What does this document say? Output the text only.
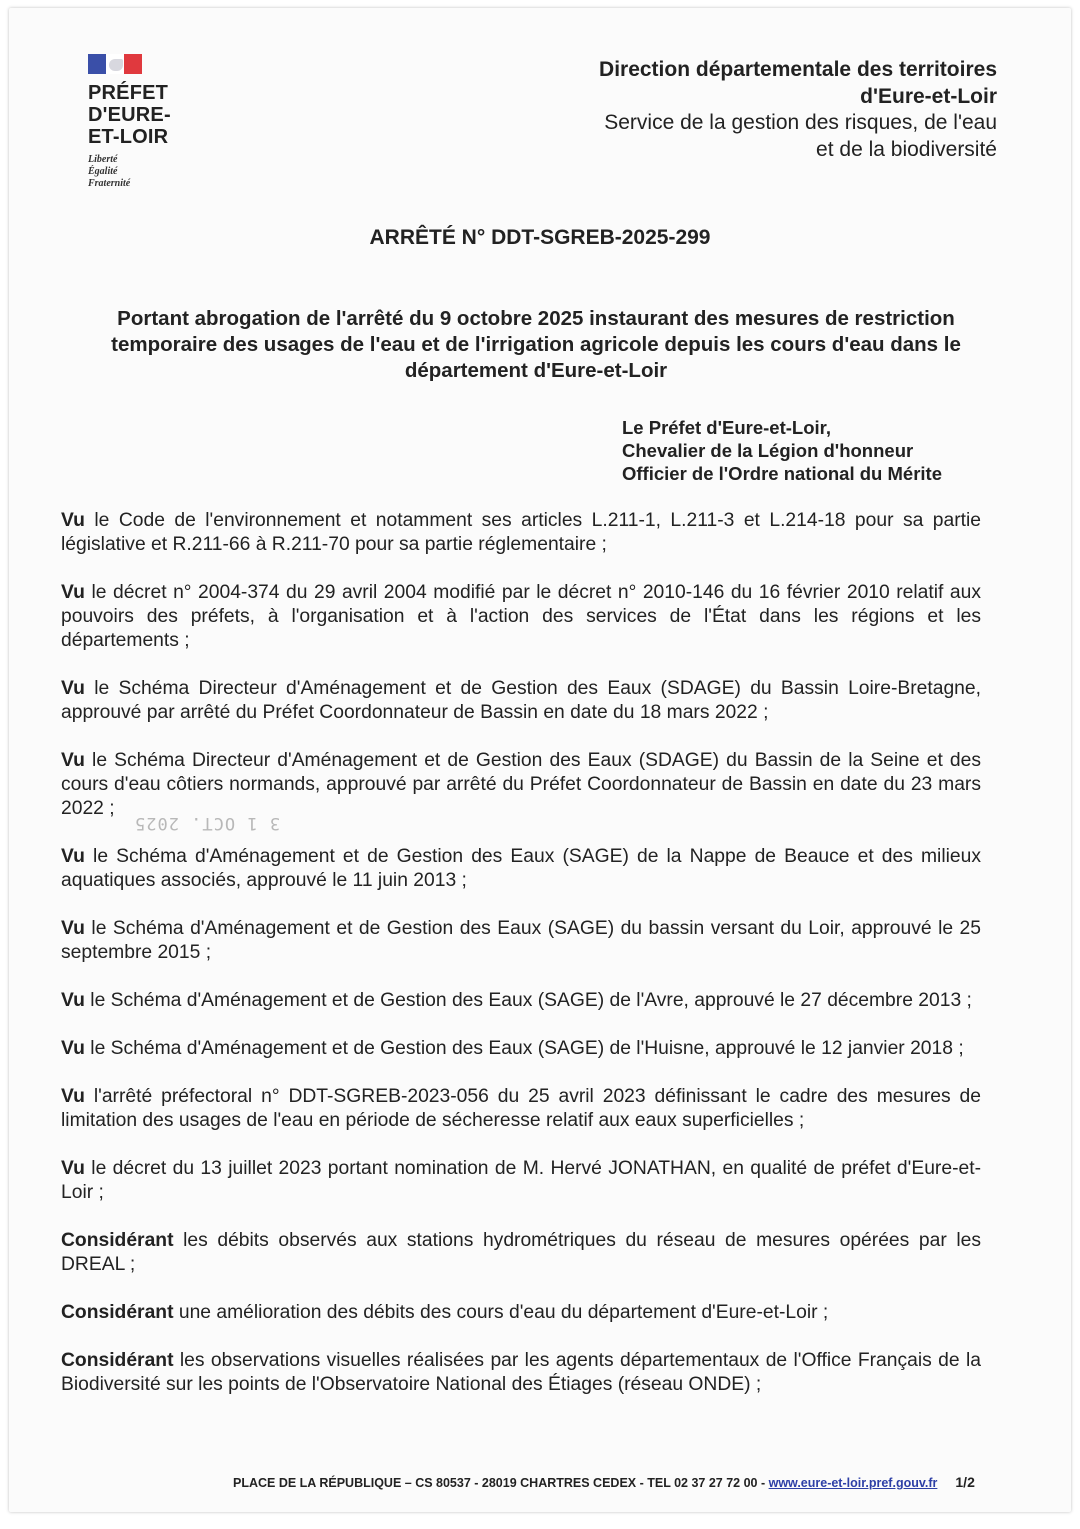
PRÉFET
D'EURE-
ET-LOIR
Liberté
Égalité
Fraternité
Direction départementale des territoires
d'Eure-et-Loir
Service de la gestion des risques, de l'eau
et de la biodiversité
ARRÊTÉ N° DDT-SGREB-2025-299
Portant abrogation de l'arrêté du 9 octobre 2025 instaurant des mesures de restriction
temporaire des usages de l'eau et de l'irrigation agricole depuis les cours d'eau dans le
département d'Eure-et-Loir
Le Préfet d'Eure-et-Loir,
Chevalier de la Légion d'honneur
Officier de l'Ordre national du Mérite
3 1 OCT. 2025

Vu le Code de l'environnement et notamment ses articles L.211-1, L.211-3 et L.214-18 pour sa partie législative et R.211-66 à R.211-70 pour sa partie réglementaire ;

Vu le décret n° 2004-374 du 29 avril 2004 modifié par le décret n° 2010-146 du 16 février 2010 relatif aux pouvoirs des préfets, à l'organisation et à l'action des services de l'État dans les régions et les départements ;

Vu le Schéma Directeur d'Aménagement et de Gestion des Eaux (SDAGE) du Bassin Loire-Bretagne, approuvé par arrêté du Préfet Coordonnateur de Bassin en date du 18 mars 2022 ;

Vu le Schéma Directeur d'Aménagement et de Gestion des Eaux (SDAGE) du Bassin de la Seine et des cours d'eau côtiers normands, approuvé par arrêté du Préfet Coordonnateur de Bassin en date du 23 mars 2022 ;

Vu le Schéma d'Aménagement et de Gestion des Eaux (SAGE) de la Nappe de Beauce et des milieux aquatiques associés, approuvé le 11 juin 2013 ;

Vu le Schéma d'Aménagement et de Gestion des Eaux (SAGE) du bassin versant du Loir, approuvé le 25 septembre 2015 ;

Vu le Schéma d'Aménagement et de Gestion des Eaux (SAGE) de l'Avre, approuvé le 27 décembre 2013 ;

Vu le Schéma d'Aménagement et de Gestion des Eaux (SAGE) de l'Huisne, approuvé le 12 janvier 2018 ;

Vu l'arrêté préfectoral n° DDT-SGREB-2023-056 du 25 avril 2023 définissant le cadre des mesures de limitation des usages de l'eau en période de sécheresse relatif aux eaux superficielles ;

Vu le décret du 13 juillet 2023 portant nomination de M. Hervé JONATHAN, en qualité de préfet d'Eure-et-Loir ;

Considérant les débits observés aux stations hydrométriques du réseau de mesures opérées par les DREAL ;

Considérant une amélioration des débits des cours d'eau du département d'Eure-et-Loir ;

Considérant les observations visuelles réalisées par les agents départementaux de l'Office Français de la Biodiversité sur les points de l'Observatoire National des Étiages (réseau ONDE) ;

PLACE DE LA RÉPUBLIQUE – CS 80537 - 28019 CHARTRES CEDEX - TEL 02 37 27 72 00 - www.eure-et-loir.pref.gouv.fr 1/2
